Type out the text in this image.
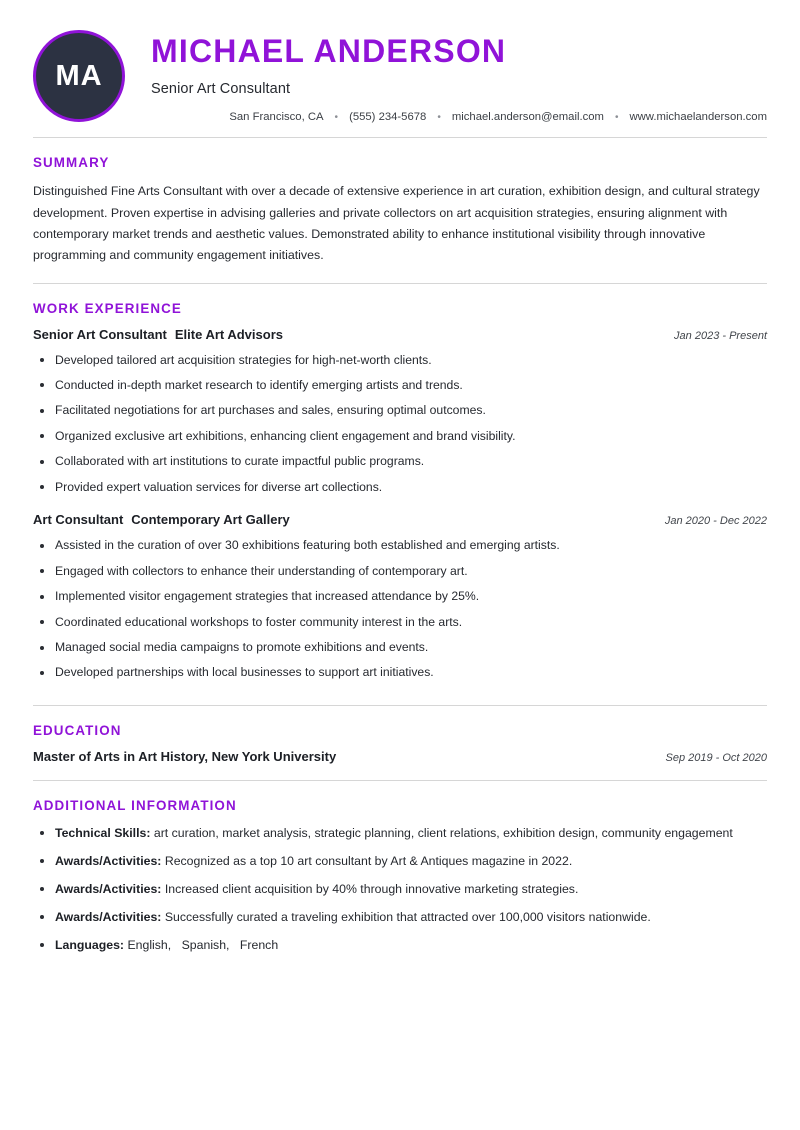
MA
MICHAEL ANDERSON
Senior Art Consultant
San Francisco, CA	• (555) 234-5678	• michael.anderson@email.com	• www.michaelanderson.com
SUMMARY
Distinguished Fine Arts Consultant with over a decade of extensive experience in art curation, exhibition design, and cultural strategy development. Proven expertise in advising galleries and private collectors on art acquisition strategies, ensuring alignment with contemporary market trends and aesthetic values. Demonstrated ability to enhance institutional visibility through innovative programming and community engagement initiatives.
WORK EXPERIENCE
Senior Art Consultant Elite Art Advisors	Jan 2023 - Present
Developed tailored art acquisition strategies for high-net-worth clients.
Conducted in-depth market research to identify emerging artists and trends.
Facilitated negotiations for art purchases and sales, ensuring optimal outcomes.
Organized exclusive art exhibitions, enhancing client engagement and brand visibility.
Collaborated with art institutions to curate impactful public programs.
Provided expert valuation services for diverse art collections.
Art Consultant Contemporary Art Gallery	Jan 2020 - Dec 2022
Assisted in the curation of over 30 exhibitions featuring both established and emerging artists.
Engaged with collectors to enhance their understanding of contemporary art.
Implemented visitor engagement strategies that increased attendance by 25%.
Coordinated educational workshops to foster community interest in the arts.
Managed social media campaigns to promote exhibitions and events.
Developed partnerships with local businesses to support art initiatives.
EDUCATION
Master of Arts in Art History, New York University	Sep 2019 - Oct 2020
ADDITIONAL INFORMATION
Technical Skills: art curation, market analysis, strategic planning, client relations, exhibition design, community engagement
Awards/Activities: Recognized as a top 10 art consultant by Art & Antiques magazine in 2022.
Awards/Activities: Increased client acquisition by 40% through innovative marketing strategies.
Awards/Activities: Successfully curated a traveling exhibition that attracted over 100,000 visitors nationwide.
Languages: English, Spanish, French
